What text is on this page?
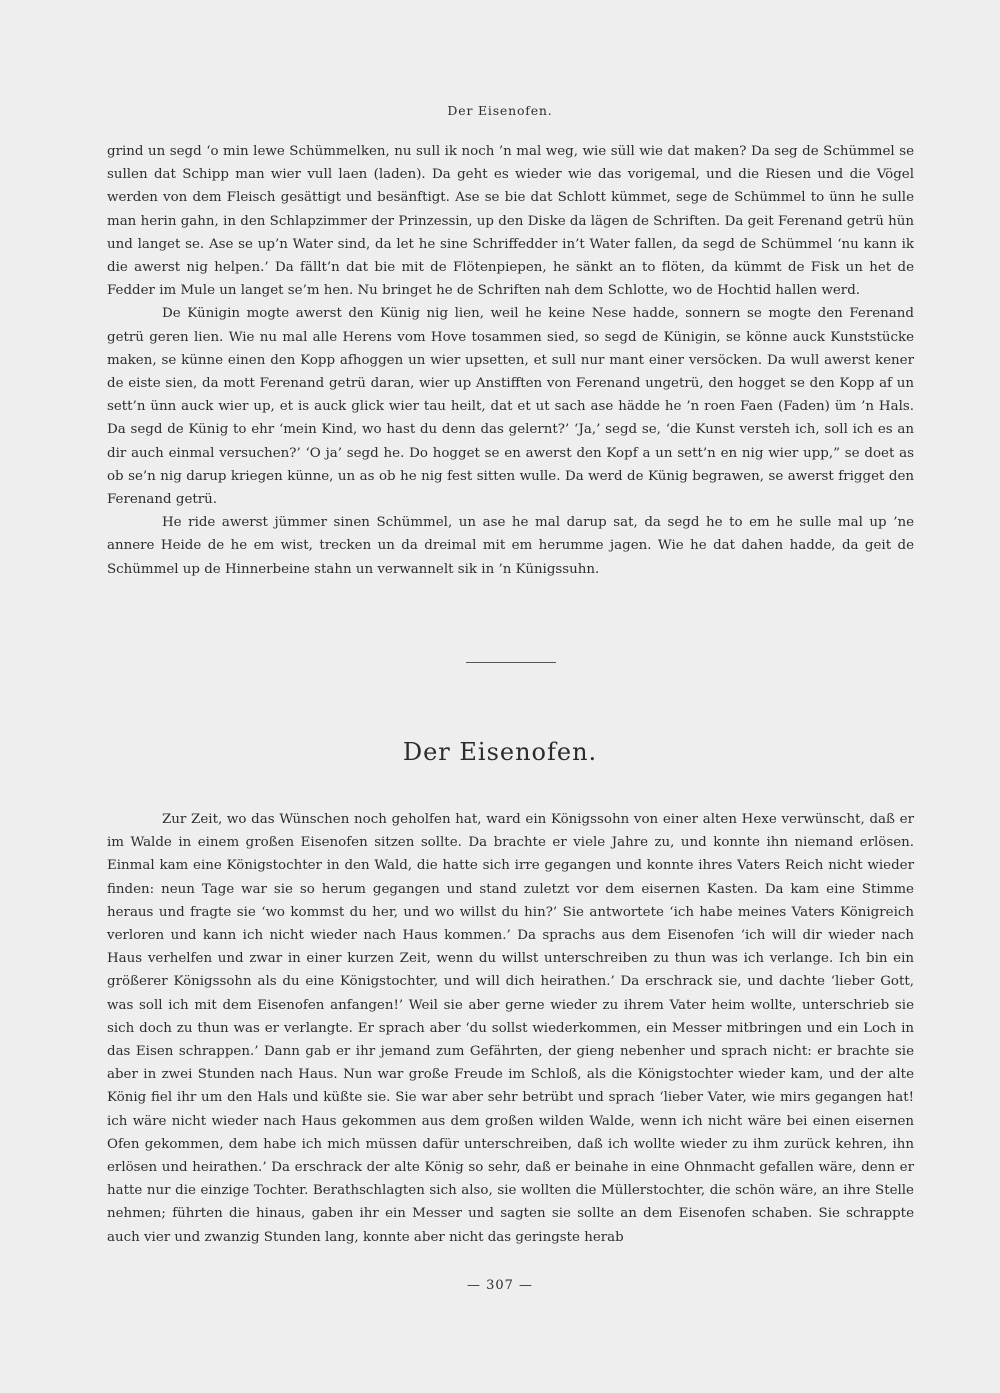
Der Eisenofen.

grind un segd ‘o min lewe Schümmelken, nu sull ik noch ’n mal weg, wie süll wie dat maken? Da seg de Schümmel se sullen dat Schipp man wier vull laen (laden). Da geht es wieder wie das vorigemal, und die Riesen und die Vögel werden von dem Fleisch gesättigt und besänftigt. Ase se bie dat Schlott kümmet, sege de Schümmel to ünn he sulle man herin gahn, in den Schlapzimmer der Prinzessin, up den Diske da lägen de Schriften. Da geit Ferenand getrü hün und langet se. Ase se up’n Water sind, da let he sine Schriffedder in’t Water fallen, da segd de Schümmel ‘nu kann ik die awerst nig helpen.’ Da fällt’n dat bie mit de Flötenpiepen, he sänkt an to flöten, da kümmt de Fisk un het de Fedder im Mule un langet se’m hen. Nu bringet he de Schriften nah dem Schlotte, wo de Hochtid hallen werd.

De Künigin mogte awerst den Künig nig lien, weil he keine Nese hadde, sonnern se mogte den Ferenand getrü geren lien. Wie nu mal alle Herens vom Hove tosammen sied, so segd de Künigin, se könne auck Kunststücke maken, se künne einen den Kopp afhoggen un wier upsetten, et sull nur mant einer versöcken. Da wull awerst kener de eiste sien, da mott Ferenand getrü daran, wier up Anstifften von Ferenand ungetrü, den hogget se den Kopp af un sett’n ünn auck wier up, et is auck glick wier tau heilt, dat et ut sach ase hädde he ’n roen Faen (Faden) üm ’n Hals. Da segd de Künig to ehr ‘mein Kind, wo hast du denn das gelernt?’ ‘Ja,’ segd se, ‘die Kunst versteh ich, soll ich es an dir auch einmal versuchen?’ ‘O ja’ segd he. Do hogget se en awerst den Kopf a un sett’n en nig wier upp,” se doet as ob se’n nig darup kriegen künne, un as ob he nig fest sitten wulle. Da werd de Künig begrawen, se awerst frigget den Ferenand getrü.

He ride awerst jümmer sinen Schümmel, un ase he mal darup sat, da segd he to em he sulle mal up ’ne annere Heide de he em wist, trecken un da dreimal mit em herumme jagen. Wie he dat dahen hadde, da geit de Schümmel up de Hinnerbeine stahn un verwannelt sik in ’n Künigssuhn.

Der Eisenofen.

Zur Zeit, wo das Wünschen noch geholfen hat, ward ein Königssohn von einer alten Hexe verwünscht, daß er im Walde in einem großen Eisenofen sitzen sollte. Da brachte er viele Jahre zu, und konnte ihn niemand erlösen. Einmal kam eine Königstochter in den Wald, die hatte sich irre gegangen und konnte ihres Vaters Reich nicht wieder finden: neun Tage war sie so herum gegangen und stand zuletzt vor dem eisernen Kasten. Da kam eine Stimme heraus und fragte sie ‘wo kommst du her, und wo willst du hin?’ Sie antwortete ‘ich habe meines Vaters Königreich verloren und kann ich nicht wieder nach Haus kommen.’ Da sprachs aus dem Eisenofen ‘ich will dir wieder nach Haus verhelfen und zwar in einer kurzen Zeit, wenn du willst unterschreiben zu thun was ich verlange. Ich bin ein größerer Königssohn als du eine Königstochter, und will dich heirathen.’ Da erschrack sie, und dachte ‘lieber Gott, was soll ich mit dem Eisenofen anfangen!’ Weil sie aber gerne wieder zu ihrem Vater heim wollte, unterschrieb sie sich doch zu thun was er verlangte. Er sprach aber ‘du sollst wiederkommen, ein Messer mitbringen und ein Loch in das Eisen schrappen.’ Dann gab er ihr jemand zum Gefährten, der gieng nebenher und sprach nicht: er brachte sie aber in zwei Stunden nach Haus. Nun war große Freude im Schloß, als die Königstochter wieder kam, und der alte König fiel ihr um den Hals und küßte sie. Sie war aber sehr betrübt und sprach ‘lieber Vater, wie mirs gegangen hat! ich wäre nicht wieder nach Haus gekommen aus dem großen wilden Walde, wenn ich nicht wäre bei einen eisernen Ofen gekommen, dem habe ich mich müssen dafür unterschreiben, daß ich wollte wieder zu ihm zurück kehren, ihn erlösen und heirathen.’ Da erschrack der alte König so sehr, daß er beinahe in eine Ohnmacht gefallen wäre, denn er hatte nur die einzige Tochter. Berathschlagten sich also, sie wollten die Müllerstochter, die schön wäre, an ihre Stelle nehmen; führten die hinaus, gaben ihr ein Messer und sagten sie sollte an dem Eisenofen schaben. Sie schrappte auch vier und zwanzig Stunden lang, konnte aber nicht das geringste herab

— 307 —
